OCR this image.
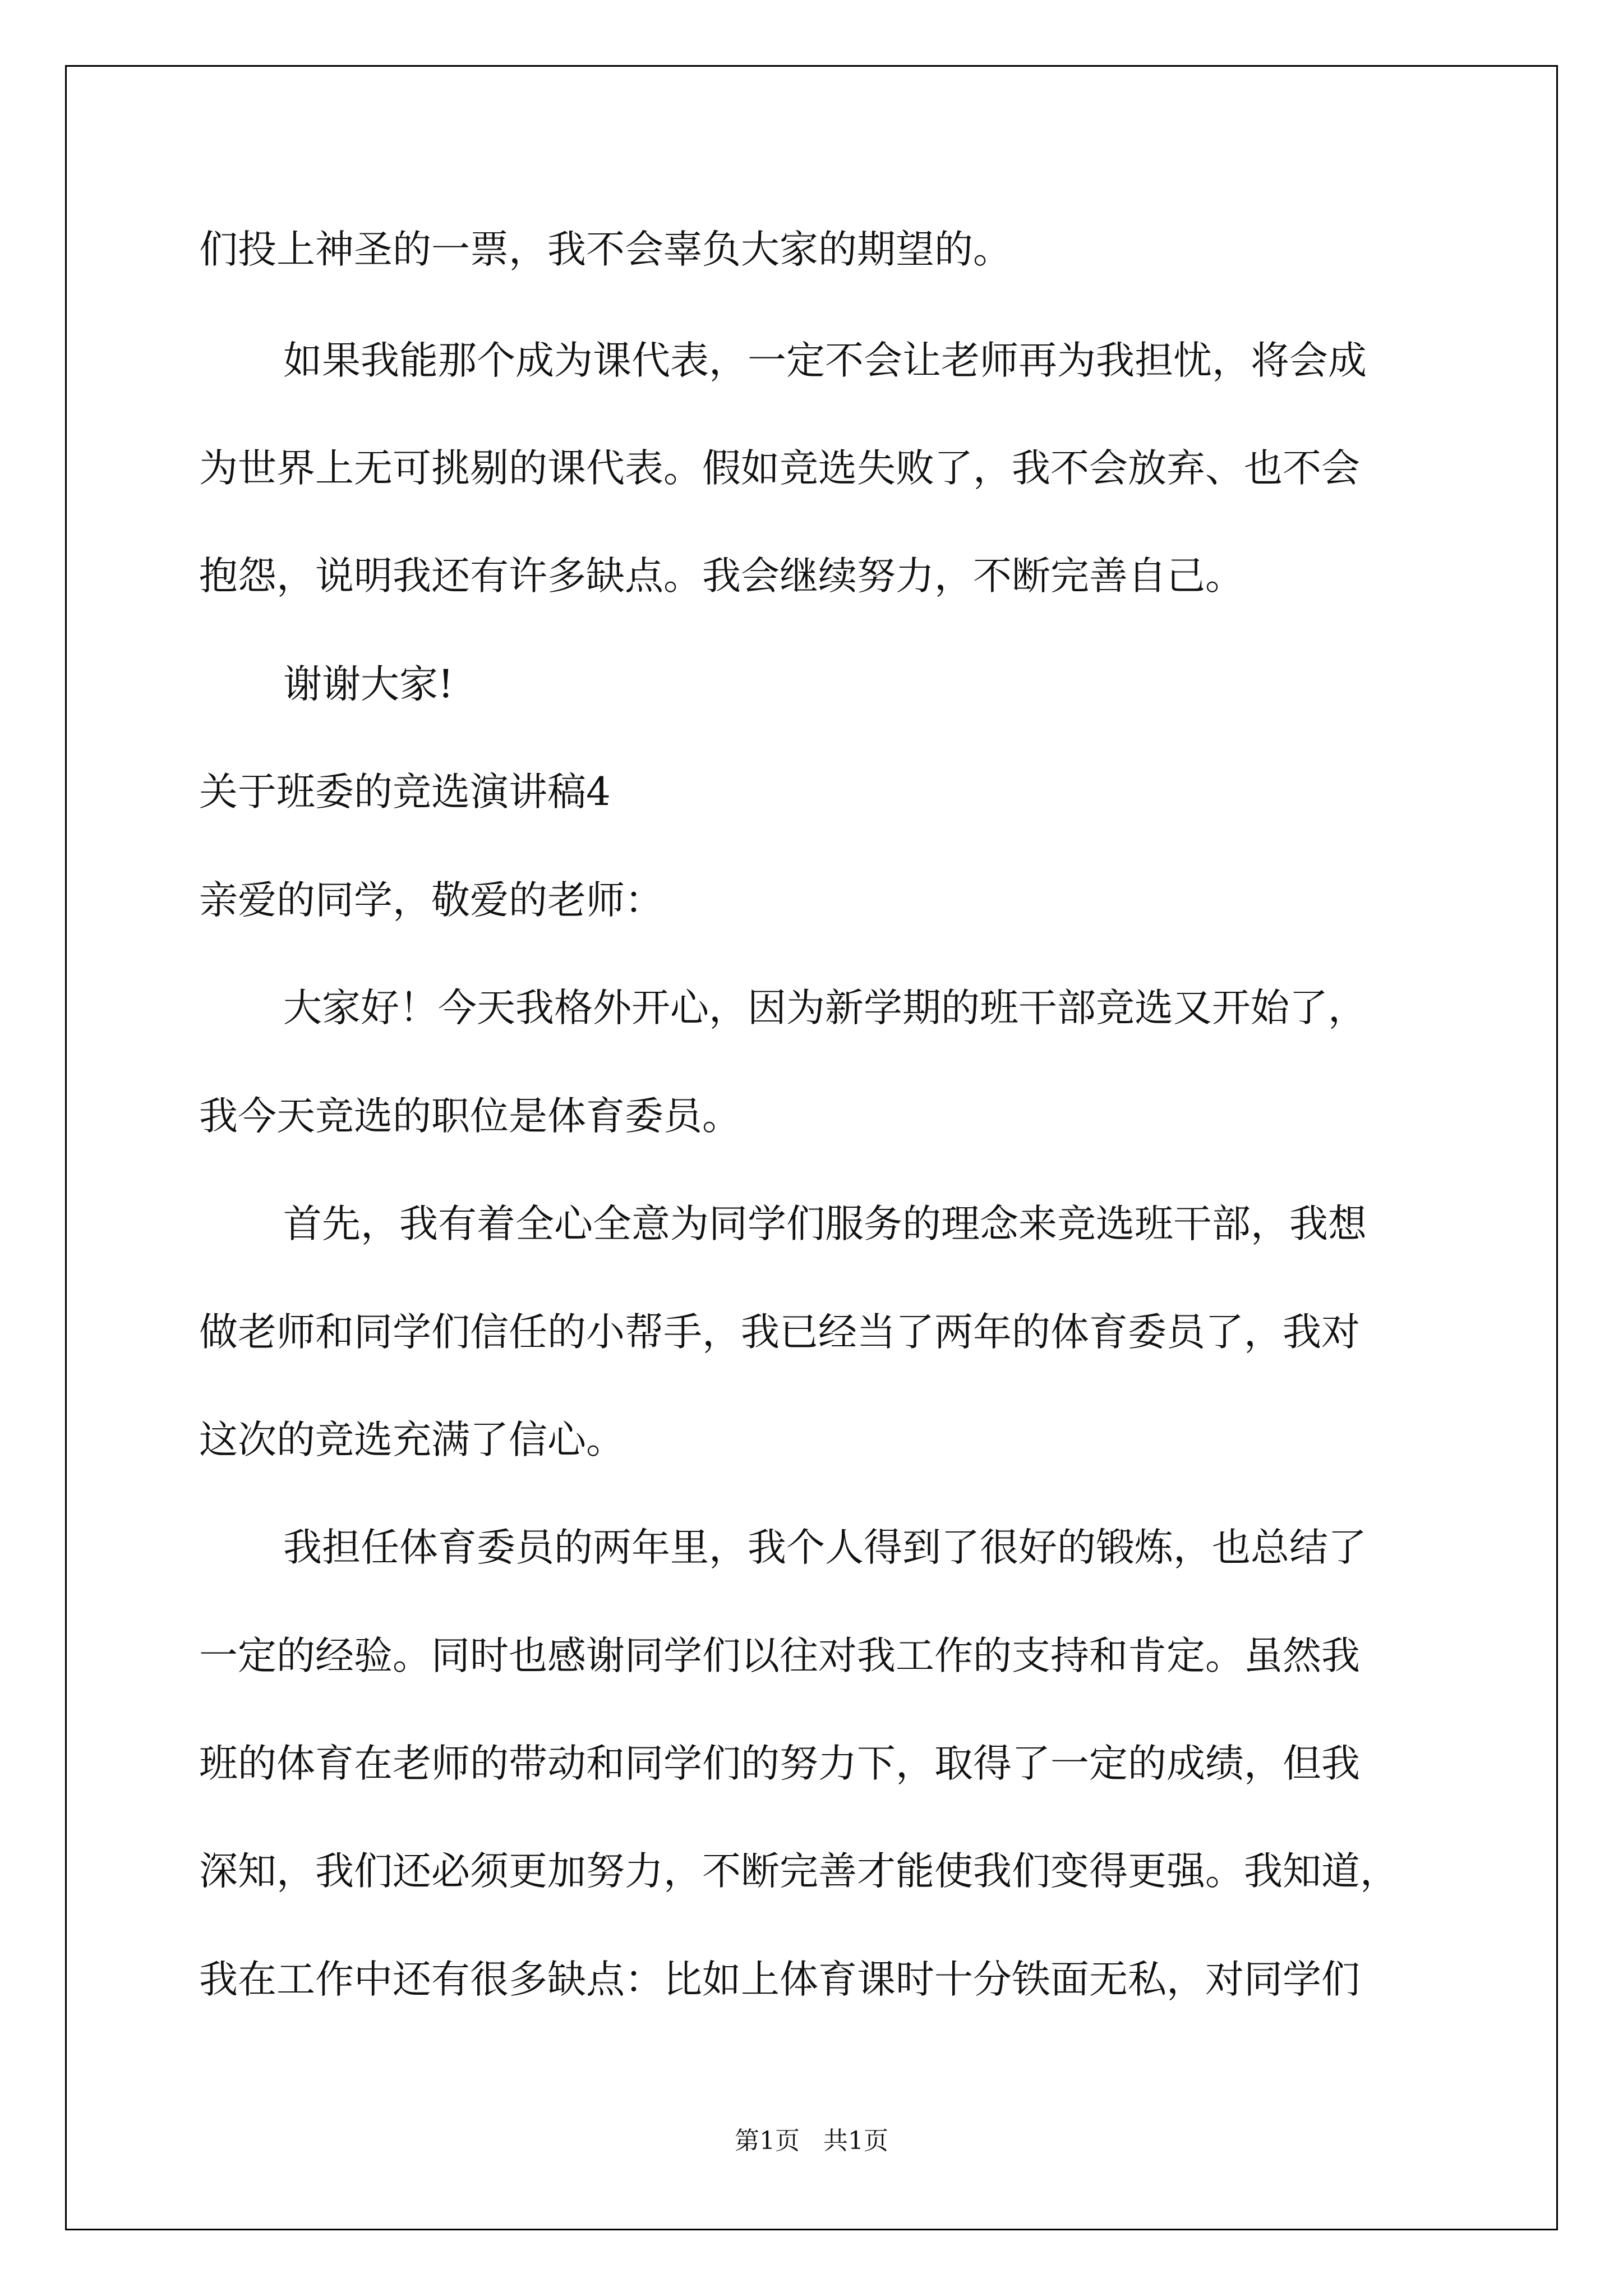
们投上神圣的一票，我不会辜负大家的期望的。

如果我能那个成为课代表，一定不会让老师再为我担忧，将会成

为世界上无可挑剔的课代表。假如竞选失败了，我不会放弃、也不会

抱怨，说明我还有许多缺点。我会继续努力，不断完善自己。

谢谢大家!

关于班委的竞选演讲稿4

亲爱的同学，敬爱的老师：

大家好！今天我格外开心，因为新学期的班干部竞选又开始了，

我今天竞选的职位是体育委员。

首先，我有着全心全意为同学们服务的理念来竞选班干部，我想

做老师和同学们信任的小帮手，我已经当了两年的体育委员了，我对

这次的竞选充满了信心。

我担任体育委员的两年里，我个人得到了很好的锻炼，也总结了

一定的经验。同时也感谢同学们以往对我工作的支持和肯定。虽然我

班的体育在老师的带动和同学们的努力下，取得了一定的成绩，但我

深知，我们还必须更加努力，不断完善才能使我们变得更强。我知道，

我在工作中还有很多缺点：比如上体育课时十分铁面无私，对同学们

第1页   共1页
